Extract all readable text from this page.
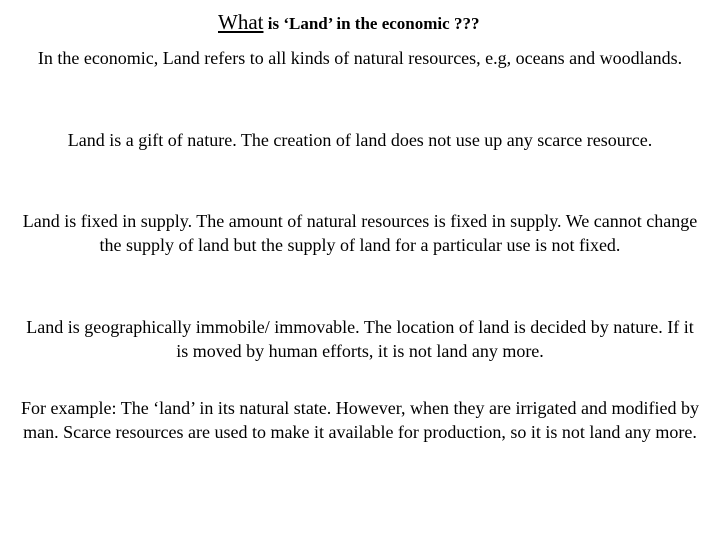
What is ‘Land’ in the economic ???

In the economic, Land refers to all kinds of natural resources, e.g, oceans and woodlands.

Land is a gift of nature. The creation of land does not use up any scarce resource.

Land is fixed in supply. The amount of natural resources is fixed in supply. We cannot change the supply of land but the supply of land for a particular use is not fixed.

Land is geographically immobile/ immovable. The location of land is decided by nature. If it is moved by human efforts, it is not land any more.

For example: The ‘land’ in its natural state. However, when they are irrigated and modified by man. Scarce resources are used to make it available for production, so it is not land any more.
